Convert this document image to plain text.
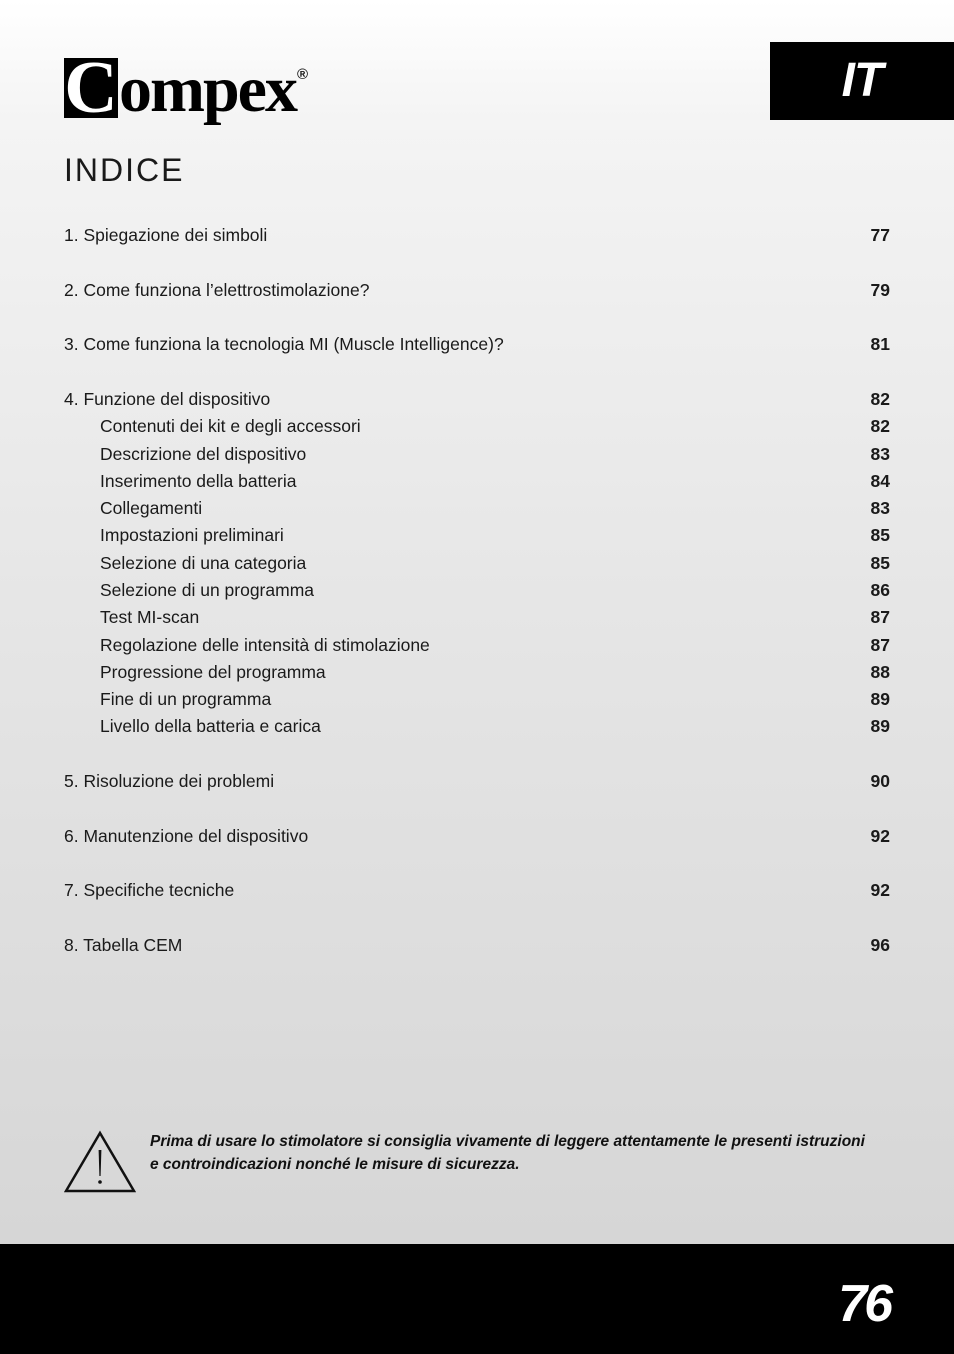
C ompex ®	IT
INDICE
1. Spiegazione dei simboli	77
2. Come funziona l’elettrostimolazione?	79
3. Come funziona la tecnologia MI (Muscle Intelligence)?	81
4. Funzione del dispositivo	82
Contenuti dei kit e degli accessori	82
Descrizione del dispositivo	83
Inserimento della batteria	84
Collegamenti	83
Impostazioni preliminari	85
Selezione di una categoria	85
Selezione di un programma	86
Test MI-scan	87
Regolazione delle intensità di stimolazione	87
Progressione del programma	88
Fine di un programma	89
Livello della batteria e carica	89
5. Risoluzione dei problemi	90
6. Manutenzione del dispositivo	92
7. Specifiche tecniche	92
8. Tabella CEM	96
Prima di usare lo stimolatore si consiglia vivamente di leggere attentamente le presenti istruzioni
e controindicazioni nonché le misure di sicurezza.
76
